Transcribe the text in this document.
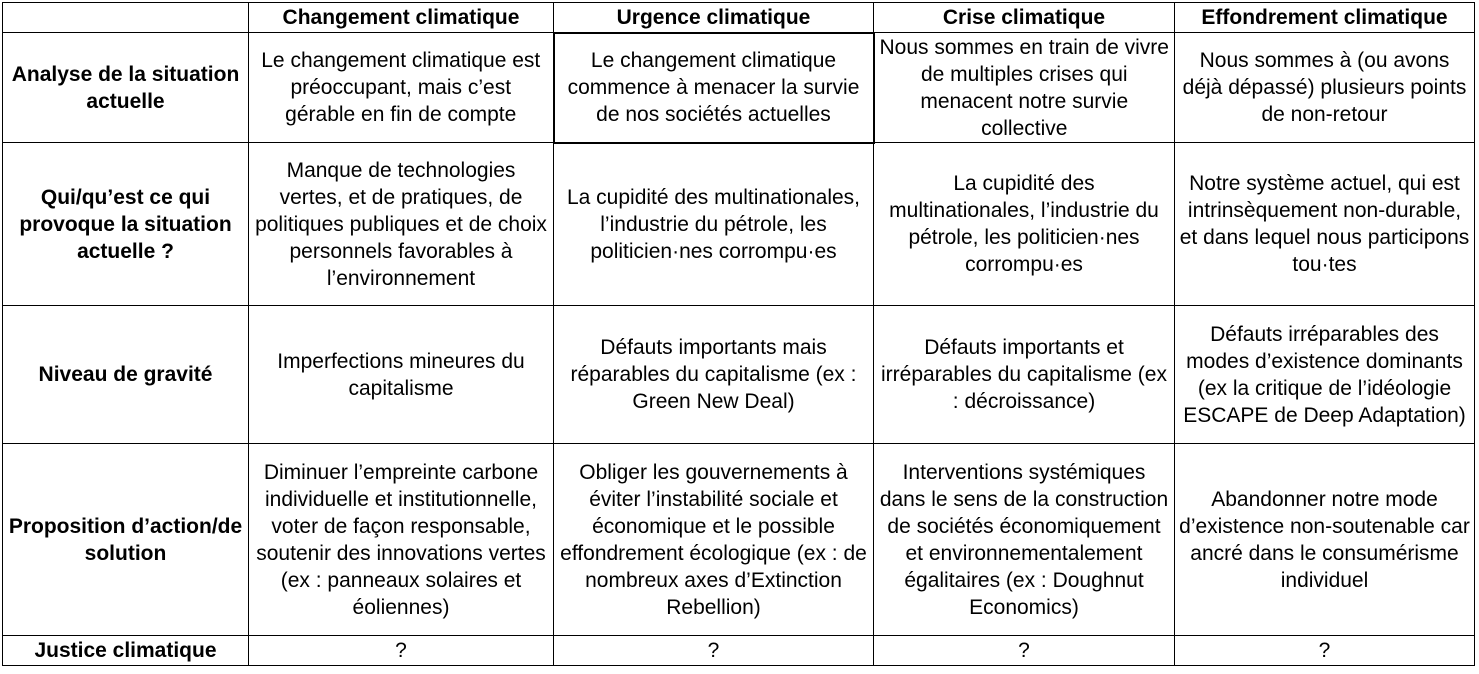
	Changement climatique	Urgence climatique	Crise climatique	Effondrement climatique
Analyse de la situation actuelle	Le changement climatique est préoccupant, mais c’est gérable en fin de compte	Le changement climatique commence à menacer la survie de nos sociétés actuelles	Nous sommes en train de vivre de multiples crises qui menacent notre survie collective	Nous sommes à (ou avons déjà dépassé) plusieurs points de non-retour
Qui/qu’est ce qui provoque la situation actuelle ?	Manque de technologies vertes, et de pratiques, de politiques publiques et de choix personnels favorables à l’environnement	La cupidité des multinationales, l’industrie du pétrole, les politicien·nes corrompu·es	La cupidité des multinationales, l’industrie du pétrole, les politicien·nes corrompu·es	Notre système actuel, qui est intrinsèquement non-durable, et dans lequel nous participons tou·tes
Niveau de gravité	Imperfections mineures du capitalisme	Défauts importants mais réparables du capitalisme (ex : Green New Deal)	Défauts importants et irréparables du capitalisme (ex : décroissance)	Défauts irréparables des modes d’existence dominants (ex la critique de l’idéologie ESCAPE de Deep Adaptation)
Proposition d’action/de solution	Diminuer l’empreinte carbone individuelle et institutionnelle, voter de façon responsable, soutenir des innovations vertes (ex : panneaux solaires et éoliennes)	Obliger les gouvernements à éviter l’instabilité sociale et économique et le possible effondrement écologique (ex : de nombreux axes d’Extinction Rebellion)	Interventions systémiques dans le sens de la construction de sociétés économiquement et environnementalement égalitaires (ex : Doughnut Economics)	Abandonner notre mode d’existence non-soutenable car ancré dans le consumérisme individuel
Justice climatique	?	?	?	?
